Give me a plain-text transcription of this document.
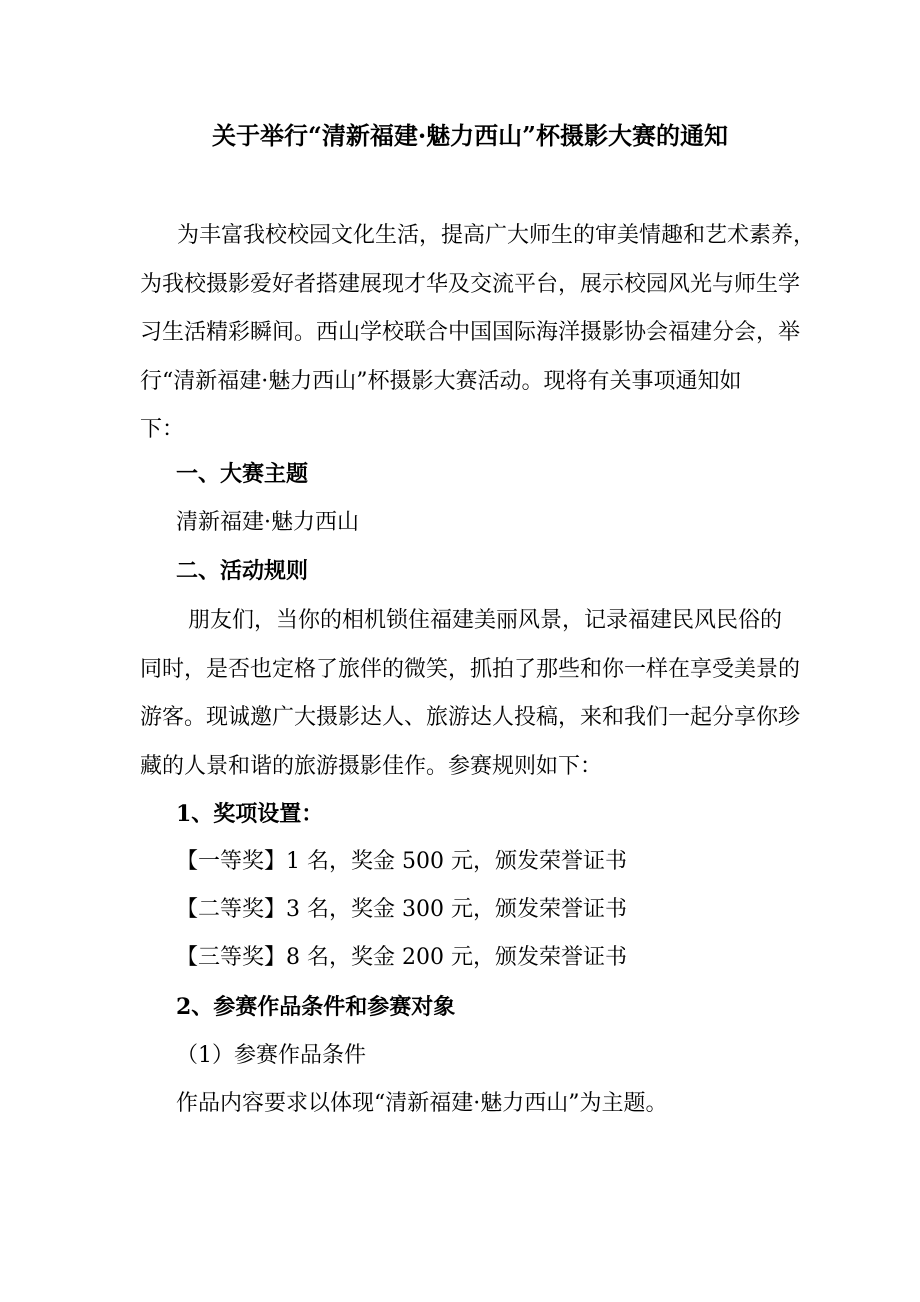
关于举行“清新福建·魅力西山”杯摄影大赛的通知
为丰富我校校园文化生活，提高广大师生的审美情趣和艺术素养，
为我校摄影爱好者搭建展现才华及交流平台，展示校园风光与师生学
习生活精彩瞬间。西山学校联合中国国际海洋摄影协会福建分会，举
行“清新福建·魅力西山”杯摄影大赛活动。现将有关事项通知如
下：
一、大赛主题
清新福建·魅力西山
二、活动规则
朋友们，当你的相机锁住福建美丽风景，记录福建民风民俗的
同时，是否也定格了旅伴的微笑，抓拍了那些和你一样在享受美景的
游客。现诚邀广大摄影达人、旅游达人投稿，来和我们一起分享你珍
藏的人景和谐的旅游摄影佳作。参赛规则如下：
1、奖项设置：
【一等奖】1 名，奖金 500 元，颁发荣誉证书
【二等奖】3 名，奖金 300 元，颁发荣誉证书
【三等奖】8 名，奖金 200 元，颁发荣誉证书
2、参赛作品条件和参赛对象
（1）参赛作品条件
作品内容要求以体现“清新福建·魅力西山”为主题。
